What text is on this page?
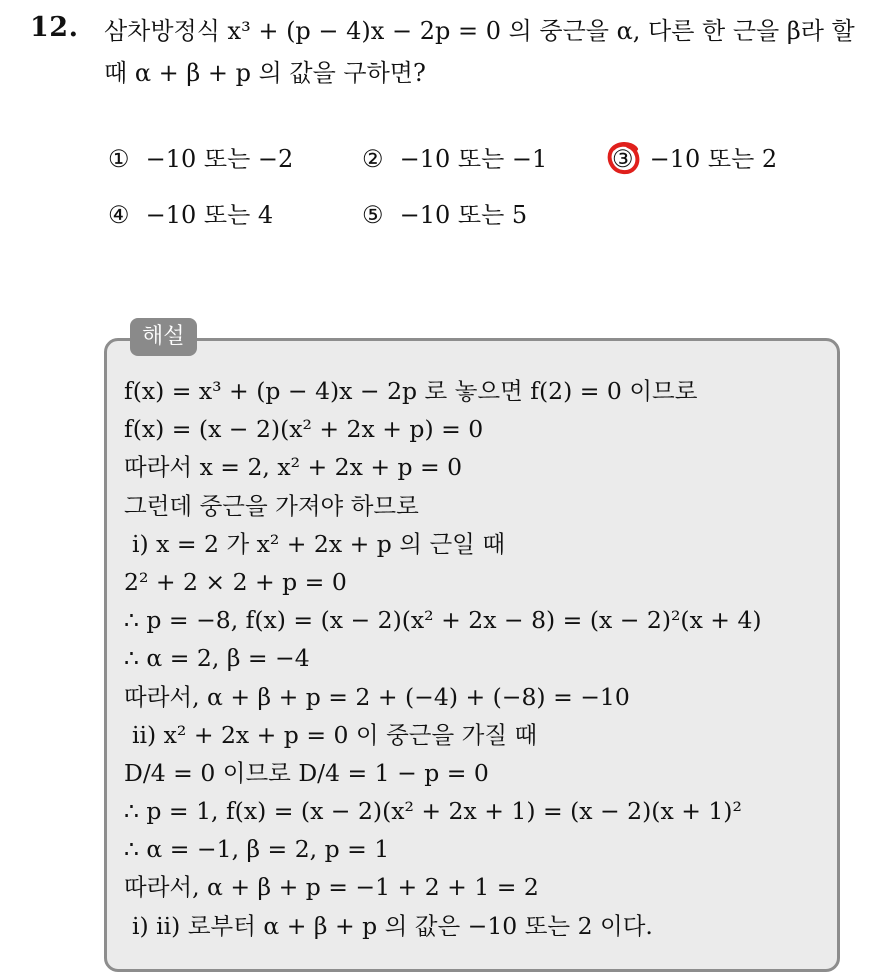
12. 삼차방정식 x³ + (p − 4)x − 2p = 0 의 중근을 α, 다른 한 근을 β라 할
때 α + β + p 의 값을 구하면?
① −10 또는 −2	② −10 또는 −1	③ −10 또는 2
④ −10 또는 4	⑤ −10 또는 5
해설
f(x) = x³ + (p − 4)x − 2p 로 놓으면 f(2) = 0 이므로
f(x) = (x − 2)(x² + 2x + p) = 0
따라서 x = 2, x² + 2x + p = 0
그런데 중근을 가져야 하므로
ⅰ) x = 2 가 x² + 2x + p 의 근일 때
2² + 2 × 2 + p = 0
∴ p = −8, f(x) = (x − 2)(x² + 2x − 8) = (x − 2)²(x + 4)
∴ α = 2, β = −4
따라서, α + β + p = 2 + (−4) + (−8) = −10
ⅱ) x² + 2x + p = 0 이 중근을 가질 때
D/4 = 0 이므로 D/4 = 1 − p = 0
∴ p = 1, f(x) = (x − 2)(x² + 2x + 1) = (x − 2)(x + 1)²
∴ α = −1, β = 2, p = 1
따라서, α + β + p = −1 + 2 + 1 = 2
ⅰ) ⅱ) 로부터 α + β + p 의 값은 −10 또는 2 이다.
